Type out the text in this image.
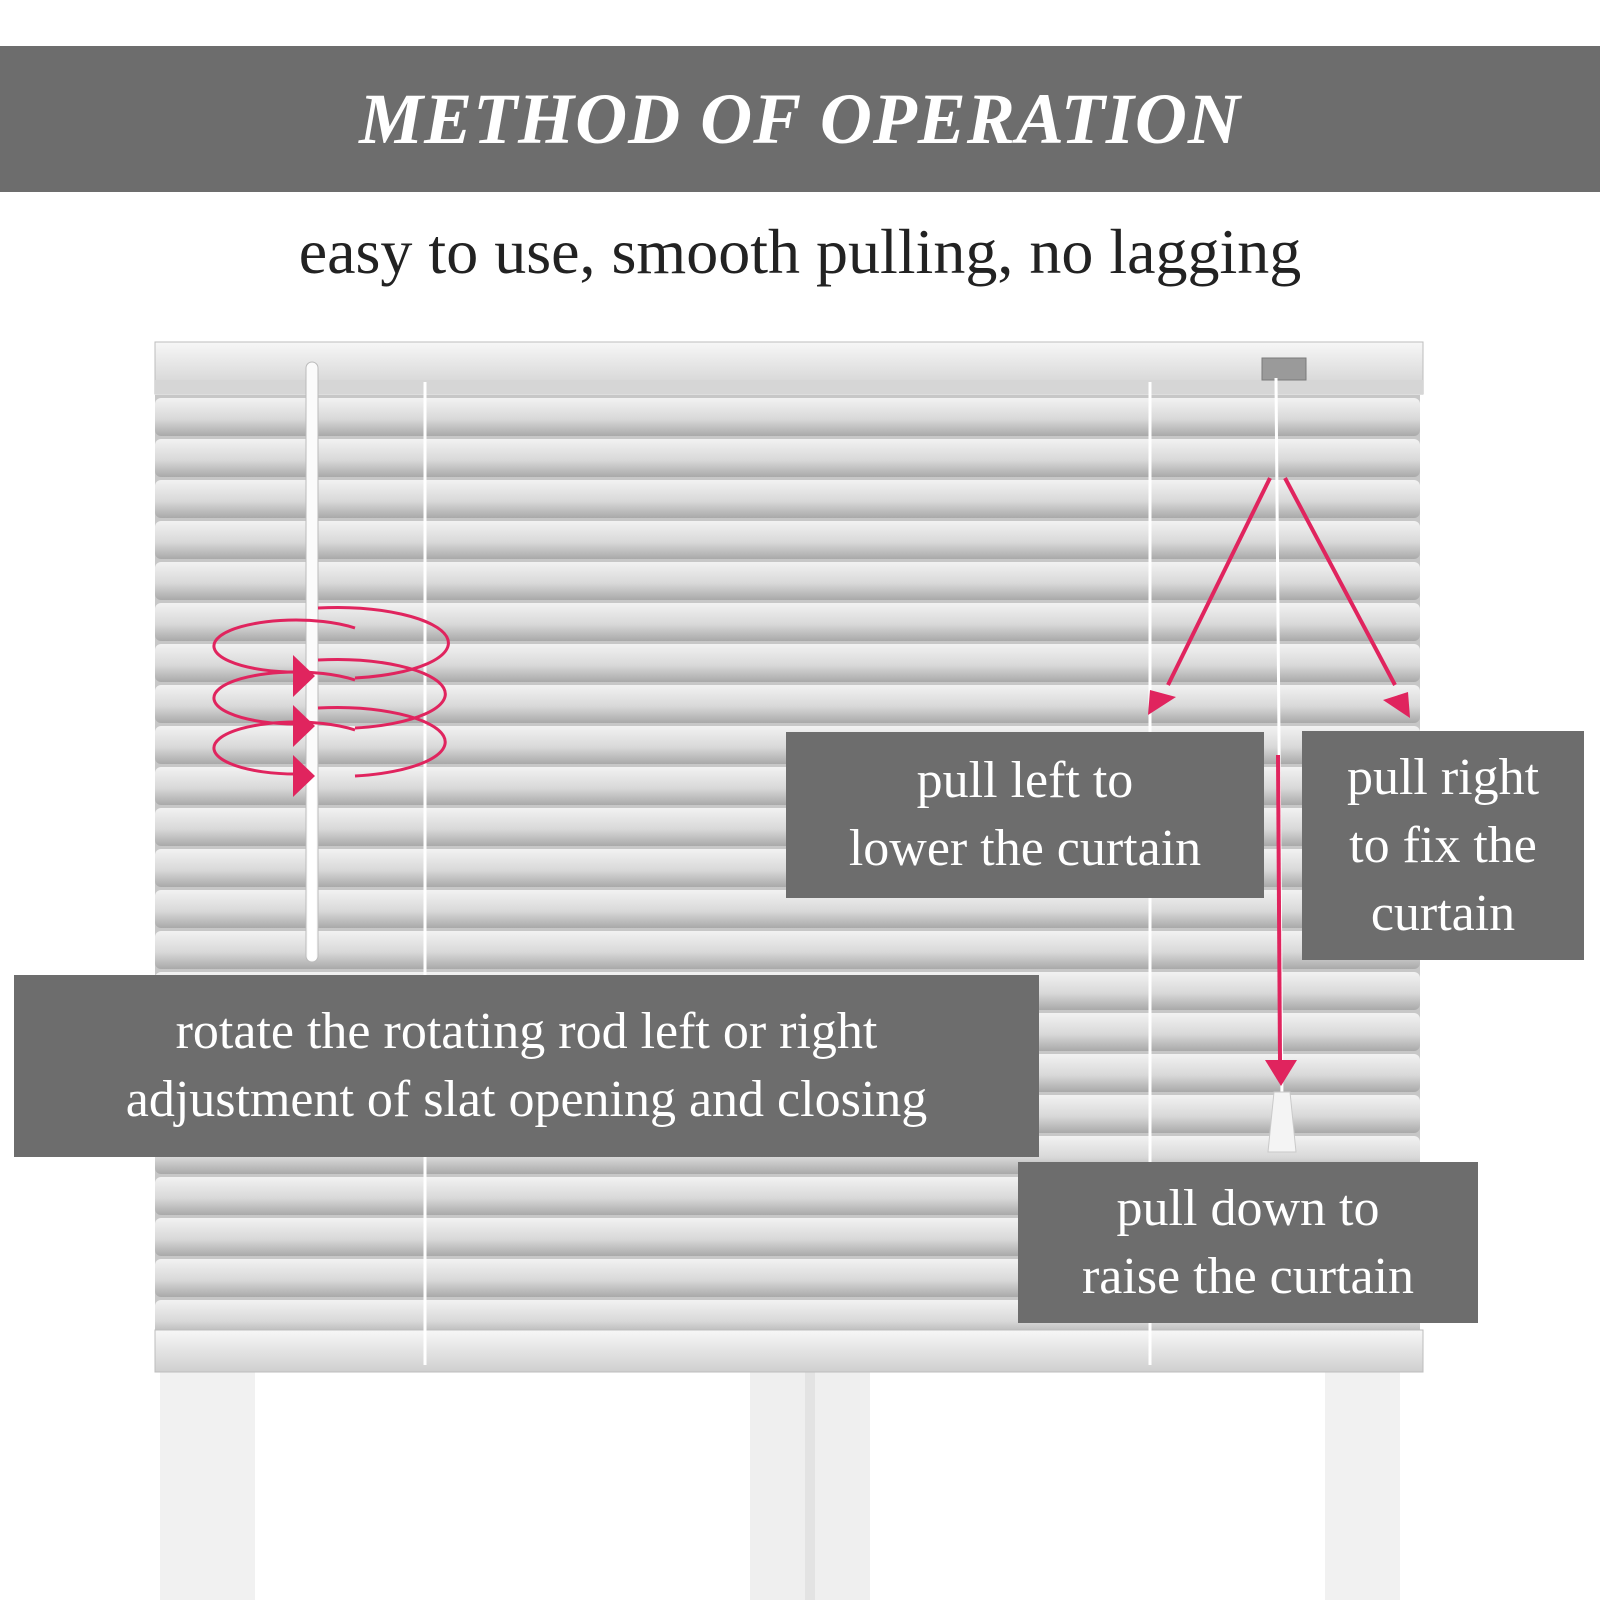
METHOD OF OPERATION
easy to use, smooth pulling, no lagging
pull left to
lower the curtain
pull right
to fix the
curtain
rotate the rotating rod left or right
adjustment of slat opening and closing
pull down to
raise the curtain
